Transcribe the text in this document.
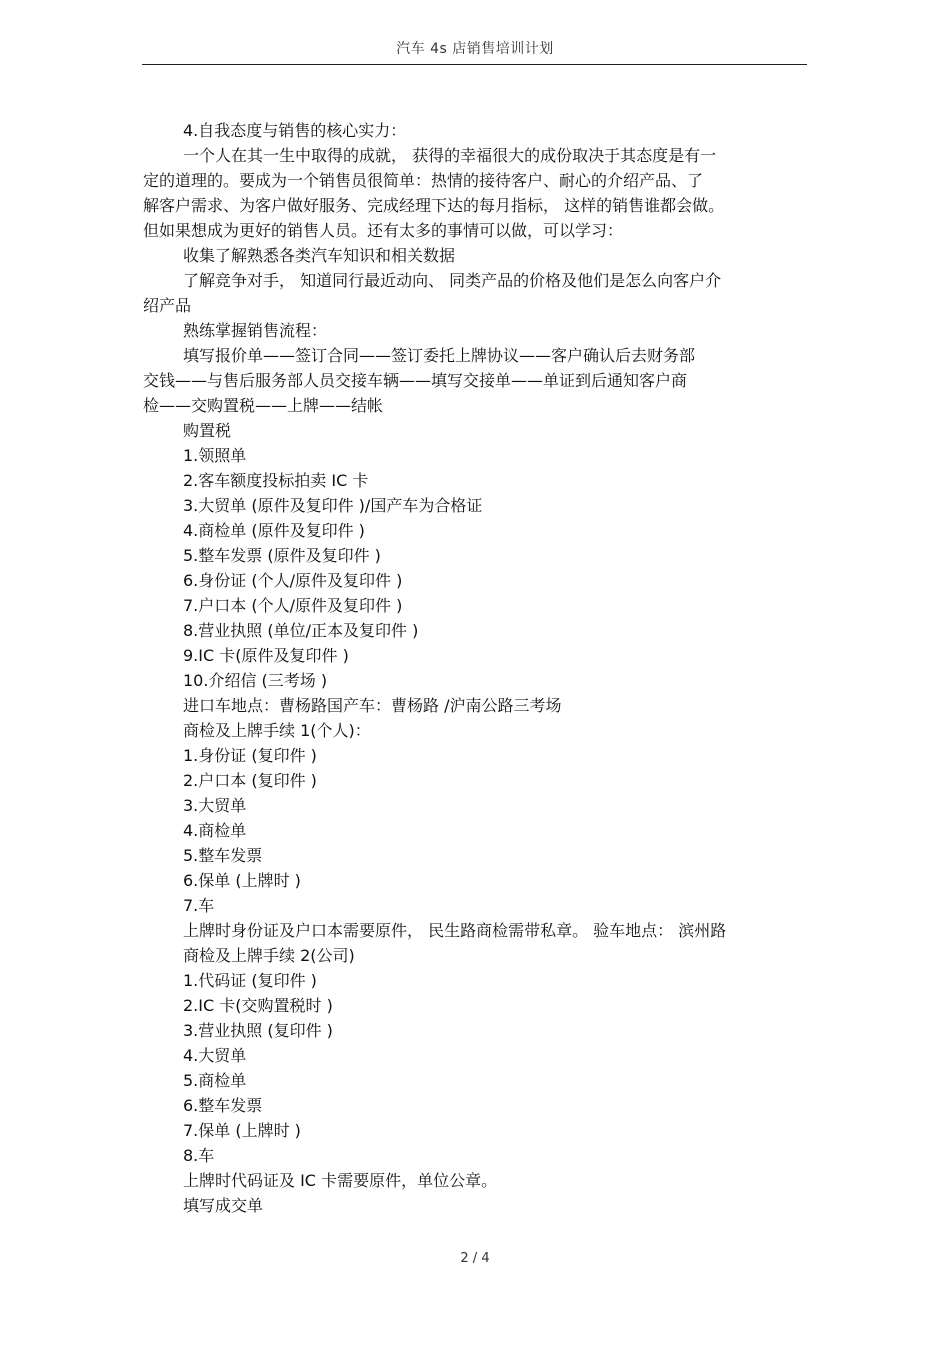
汽车 4s 店销售培训计划
4.自我态度与销售的核心实力：
一个人在其一生中取得的成就， 获得的幸福很大的成份取决于其态度是有一
定的道理的。要成为一个销售员很简单：热情的接待客户、耐心的介绍产品、了
解客户需求、为客户做好服务、完成经理下达的每月指标， 这样的销售谁都会做。
但如果想成为更好的销售人员。还有太多的事情可以做，可以学习：
收集了解熟悉各类汽车知识和相关数据
了解竞争对手， 知道同行最近动向、 同类产品的价格及他们是怎么向客户介
绍产品
熟练掌握销售流程：
填写报价单——签订合同——签订委托上牌协议——客户确认后去财务部
交钱——与售后服务部人员交接车辆——填写交接单——单证到后通知客户商
检——交购置税——上牌——结帐
购置税
1.领照单
2.客车额度投标拍卖 IC 卡
3.大贸单 (原件及复印件 )/国产车为合格证
4.商检单 (原件及复印件 )
5.整车发票 (原件及复印件 )
6.身份证 (个人/原件及复印件 )
7.户口本 (个人/原件及复印件 )
8.营业执照 (单位/正本及复印件 )
9.IC 卡(原件及复印件 )
10.介绍信 (三考场 )
进口车地点：曹杨路国产车：曹杨路 /沪南公路三考场
商检及上牌手续 1(个人)：
1.身份证 (复印件 )
2.户口本 (复印件 )
3.大贸单
4.商检单
5.整车发票
6.保单 (上牌时 )
7.车
上牌时身份证及户口本需要原件， 民生路商检需带私章。 验车地点： 滨州路
商检及上牌手续 2(公司)
1.代码证 (复印件 )
2.IC 卡(交购置税时 )
3.营业执照 (复印件 )
4.大贸单
5.商检单
6.整车发票
7.保单 (上牌时 )
8.车
上牌时代码证及 IC 卡需要原件，单位公章。
填写成交单
2 / 4
